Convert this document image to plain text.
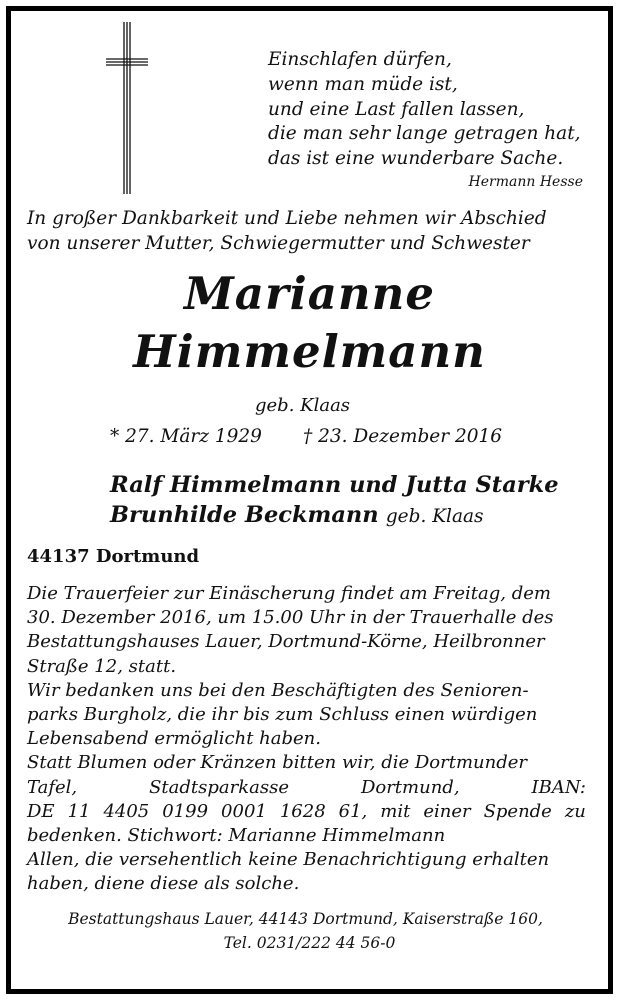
Einschlafen dürfen,
wenn man müde ist,
und eine Last fallen lassen,
die man sehr lange getragen hat,
das ist eine wunderbare Sache.
Hermann Hesse
In großer Dankbarkeit und Liebe nehmen wir Abschied
von unserer Mutter, Schwiegermutter und Schwester
Marianne
Himmelmann
geb. Klaas
* 27. März 1929 † 23. Dezember 2016
Ralf Himmelmann und Jutta Starke
Brunhilde Beckmann geb. Klaas
44137 Dortmund
Die Trauerfeier zur Einäscherung findet am Freitag, dem
30. Dezember 2016, um 15.00 Uhr in der Trauerhalle des
Bestattungshauses Lauer, Dortmund-Körne, Heilbronner
Straße 12, statt.
Wir bedanken uns bei den Beschäftigten des Senioren-
parks Burgholz, die ihr bis zum Schluss einen würdigen
Lebensabend ermöglicht haben.
Statt Blumen oder Kränzen bitten wir, die Dortmunder
Tafel,	Stadtsparkasse	Dortmund,	IBAN:
DE 11 4405 0199 0001 1628 61, mit einer Spende zu
bedenken. Stichwort: Marianne Himmelmann
Allen, die versehentlich keine Benachrichtigung erhalten
haben, diene diese als solche.
Bestattungshaus Lauer, 44143 Dortmund, Kaiserstraße 160,
Tel. 0231/222 44 56-0
